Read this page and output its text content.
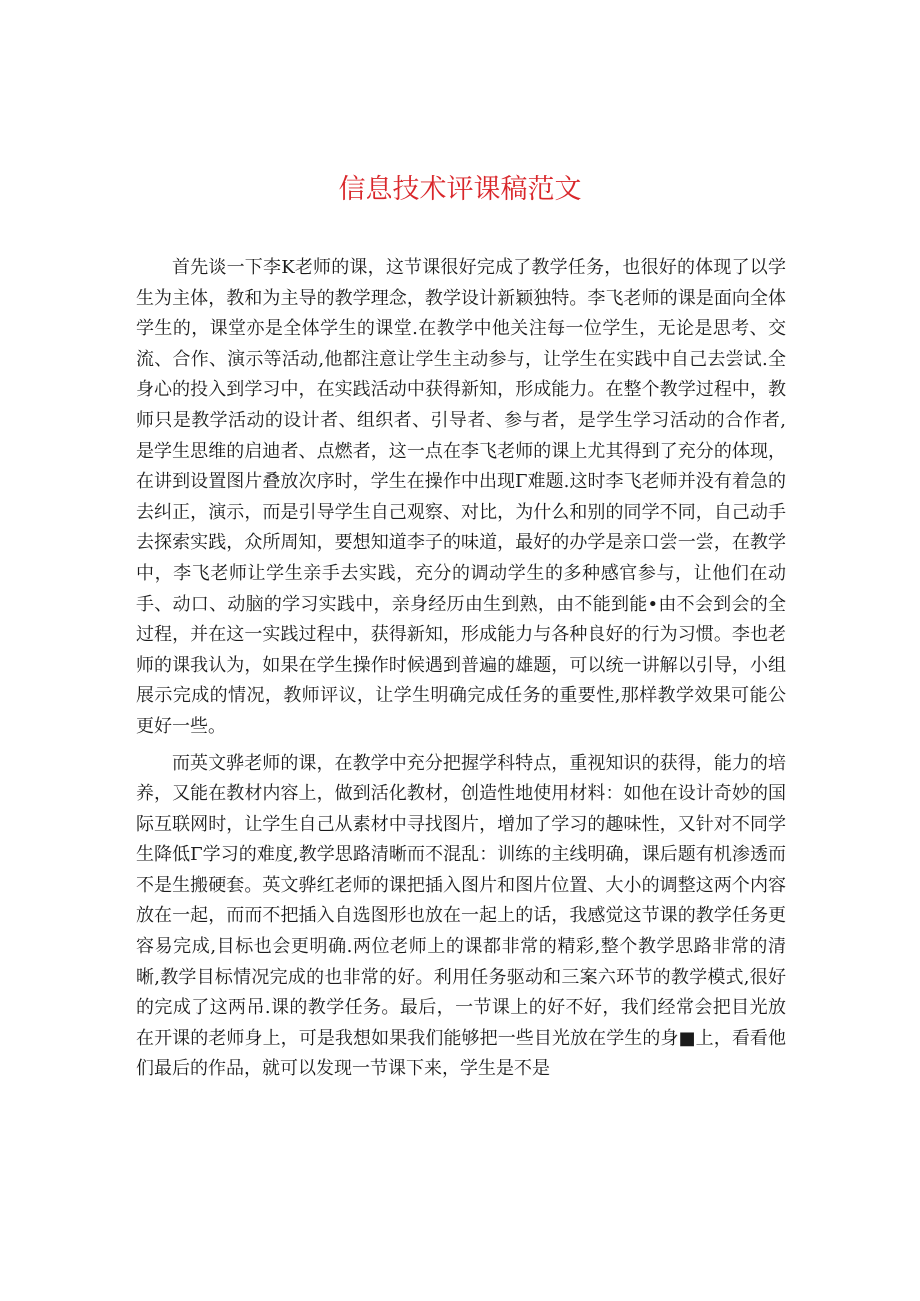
信息技术评课稿范文

首先谈一下李K老师的课，这节课很好完成了教学任务，也很好的体现了以学生为主体，教和为主导的教学理念，教学设计新颖独特。李飞老师的课是面向全体学生的，课堂亦是全体学生的课堂.在教学中他关注每一位学生，无论是思考、交流、合作、演示等活动,他都注意让学生主动参与，让学生在实践中自己去尝试.全身心的投入到学习中，在实践活动中获得新知，形成能力。在整个教学过程中，教师只是教学活动的设计者、组织者、引导者、参与者，是学生学习活动的合作者,是学生思维的启迪者、点燃者，这一点在李飞老师的课上尤其得到了充分的体现，在讲到设置图片叠放次序时，学生在操作中出现Γ难题.这时李飞老师并没有着急的去纠正，演示，而是引导学生自己观察、对比，为什么和别的同学不同，自己动手去探索实践，众所周知，要想知道李子的味道，最好的办学是亲口尝一尝，在教学中，李飞老师让学生亲手去实践，充分的调动学生的多种感官参与，让他们在动手、动口、动脑的学习实践中，亲身经历由生到熟，由不能到能•由不会到会的全过程，并在这一实践过程中，获得新知，形成能力与各种良好的行为习惯。李也老师的课我认为，如果在学生操作时候遇到普遍的雄题，可以统一讲解以引导，小组展示完成的情况，教师评议，让学生明确完成任务的重要性,那样教学效果可能公更好一些。

而英文骅老师的课，在教学中充分把握学科特点，重视知识的获得，能力的培养，又能在教材内容上，做到活化教材，创造性地使用材料：如他在设计奇妙的国际互联网时，让学生自己从素材中寻找图片，增加了学习的趣味性，又针对不同学生降低Γ学习的难度,教学思路清晰而不混乱：训练的主线明确，课后题有机渗透而不是生搬硬套。英文骅红老师的课把插入图片和图片位置、大小的调整这两个内容放在一起，而而不把插入自选图形也放在一起上的话，我感觉这节课的教学任务更容易完成,目标也会更明确.两位老师上的课都非常的精彩,整个教学思路非常的清晰,教学目标情况完成的也非常的好。利用任务驱动和三案六环节的教学模式,很好的完成了这两吊.课的教学任务。最后，一节课上的好不好，我们经常会把目光放在开课的老师身上，可是我想如果我们能够把一些目光放在学生的身■上，看看他们最后的作品，就可以发现一节课下来，学生是不是
